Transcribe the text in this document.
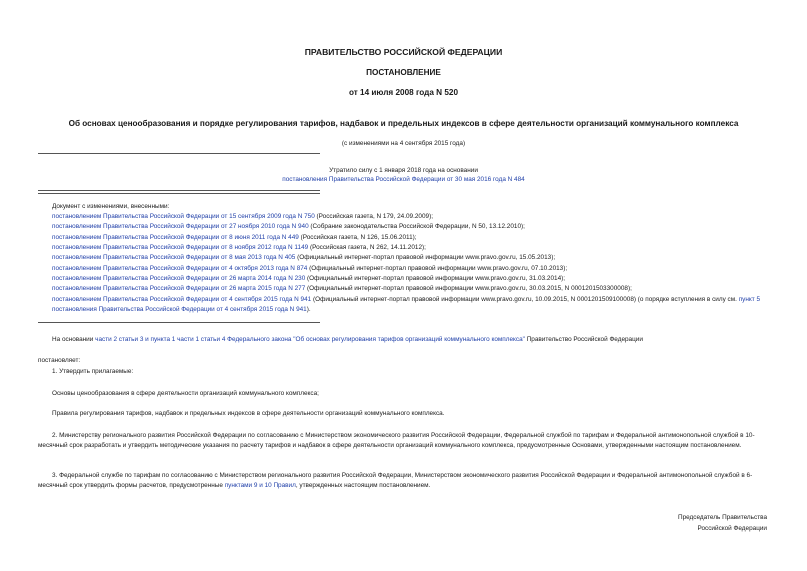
ПРАВИТЕЛЬСТВО РОССИЙСКОЙ ФЕДЕРАЦИИ
ПОСТАНОВЛЕНИЕ
от 14 июля 2008 года N 520
Об основах ценообразования и порядке регулирования тарифов, надбавок и предельных индексов в сфере деятельности организаций коммунального комплекса
(с изменениями на 4 сентября 2015 года)
Утратило силу с 1 января 2018 года на основании
постановления Правительства Российской Федерации от 30 мая 2016 года N 484
Документ с изменениями, внесенными:
постановлением Правительства Российской Федерации от 15 сентября 2009 года N 750 (Российская газета, N 179, 24.09.2009);
постановлением Правительства Российской Федерации от 27 ноября 2010 года N 940 (Собрание законодательства Российской Федерации, N 50, 13.12.2010);
постановлением Правительства Российской Федерации от 8 июня 2011 года N 449 (Российская газета, N 126, 15.06.2011);
постановлением Правительства Российской Федерации от 8 ноября 2012 года N 1149 (Российская газета, N 262, 14.11.2012);
постановлением Правительства Российской Федерации от 8 мая 2013 года N 405 (Официальный интернет-портал правовой информации www.pravo.gov.ru, 15.05.2013);
постановлением Правительства Российской Федерации от 4 октября 2013 года N 874 (Официальный интернет-портал правовой информации www.pravo.gov.ru, 07.10.2013);
постановлением Правительства Российской Федерации от 26 марта 2014 года N 230 (Официальный интернет-портал правовой информации www.pravo.gov.ru, 31.03.2014);
постановлением Правительства Российской Федерации от 26 марта 2015 года N 277 (Официальный интернет-портал правовой информации www.pravo.gov.ru, 30.03.2015, N 0001201503300008);
постановлением Правительства Российской Федерации от 4 сентября 2015 года N 941 (Официальный интернет-портал правовой информации www.pravo.gov.ru, 10.09.2015, N 0001201509100008) (о порядке вступления в силу см. пункт 5 постановления Правительства Российской Федерации от 4 сентября 2015 года N 941).
На основании части 2 статьи 3 и пункта 1 части 1 статьи 4 Федерального закона "Об основах регулирования тарифов организаций коммунального комплекса" Правительство Российской Федерации
постановляет:
1. Утвердить прилагаемые:
Основы ценообразования в сфере деятельности организаций коммунального комплекса;
Правила регулирования тарифов, надбавок и предельных индексов в сфере деятельности организаций коммунального комплекса.
2. Министерству регионального развития Российской Федерации по согласованию с Министерством экономического развития Российской Федерации, Федеральной службой по тарифам и Федеральной антимонопольной службой в 10-месячный срок разработать и утвердить методические указания по расчету тарифов и надбавок в сфере деятельности организаций коммунального комплекса, предусмотренные Основами, утвержденными настоящим постановлением.
3. Федеральной службе по тарифам по согласованию с Министерством регионального развития Российской Федерации, Министерством экономического развития Российской Федерации и Федеральной антимонопольной службой в 6-месячный срок утвердить формы расчетов, предусмотренные пунктами 9 и 10 Правил, утвержденных настоящим постановлением.
Председатель Правительства
Российской Федерации
